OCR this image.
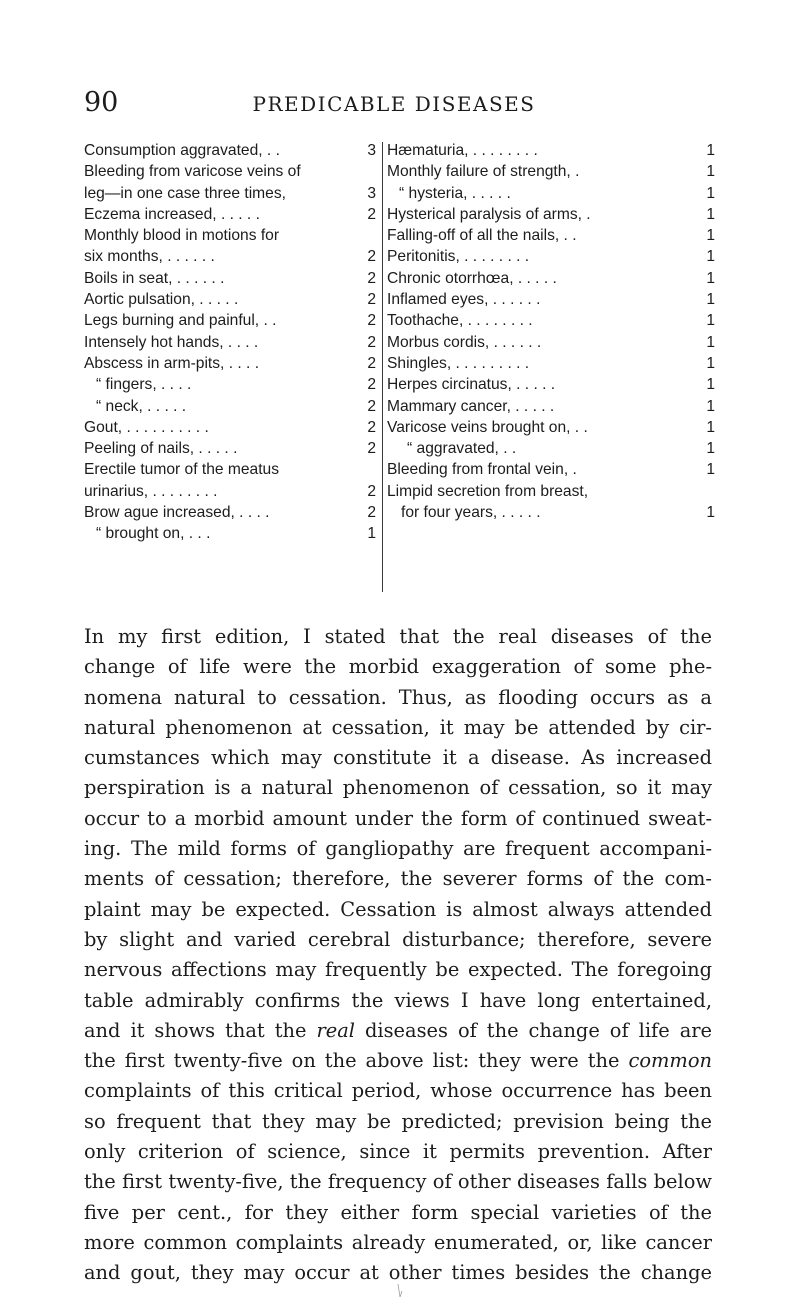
90	PREDICABLE DISEASES
Consumption aggravated, . .	3
Bleeding from varicose veins of
leg—in one case three times,	3
Eczema increased, . . . . .	2
Monthly blood in motions for
six months, . . . . . .	2
Boils in seat, . . . . . .	2
Aortic pulsation, . . . . .	2
Legs burning and painful, . .	2
Intensely hot hands, . . . .	2
Abscess in arm-pits, . . . .	2
“ fingers, . . . .	2
“ neck, . . . . .	2
Gout, . . . . . . . . . .	2
Peeling of nails, . . . . .	2
Erectile tumor of the meatus
urinarius, . . . . . . . .	2
Brow ague increased, . . . .	2
“ brought on, . . .	1
Hæmaturia, . . . . . . . .	1
Monthly failure of strength, .	1
“ hysteria, . . . . .	1
Hysterical paralysis of arms, .	1
Falling-off of all the nails, . .	1
Peritonitis, . . . . . . . .	1
Chronic otorrhœa, . . . . .	1
Inflamed eyes, . . . . . .	1
Toothache, . . . . . . . .	1
Morbus cordis, . . . . . .	1
Shingles, . . . . . . . . .	1
Herpes circinatus, . . . . .	1
Mammary cancer, . . . . .	1
Varicose veins brought on, . .	1
“ aggravated, . .	1
Bleeding from frontal vein, .	1
Limpid secretion from breast,
for four years, . . . . .	1
In my first edition, I stated that the real diseases of the
change of life were the morbid exaggeration of some phe-
nomena natural to cessation. Thus, as flooding occurs as a
natural phenomenon at cessation, it may be attended by cir-
cumstances which may constitute it a disease. As increased
perspiration is a natural phenomenon of cessation, so it may
occur to a morbid amount under the form of continued sweat-
ing. The mild forms of gangliopathy are frequent accompani-
ments of cessation; therefore, the severer forms of the com-
plaint may be expected. Cessation is almost always attended
by slight and varied cerebral disturbance; therefore, severe
nervous affections may frequently be expected. The foregoing
table admirably confirms the views I have long entertained,
and it shows that the real diseases of the change of life are
the first twenty-five on the above list: they were the common
complaints of this critical period, whose occurrence has been
so frequent that they may be predicted; prevision being the
only criterion of science, since it permits prevention. After
the first twenty-five, the frequency of other diseases falls below
five per cent., for they either form special varieties of the
more common complaints already enumerated, or, like cancer
and gout, they may occur at other times besides the change
